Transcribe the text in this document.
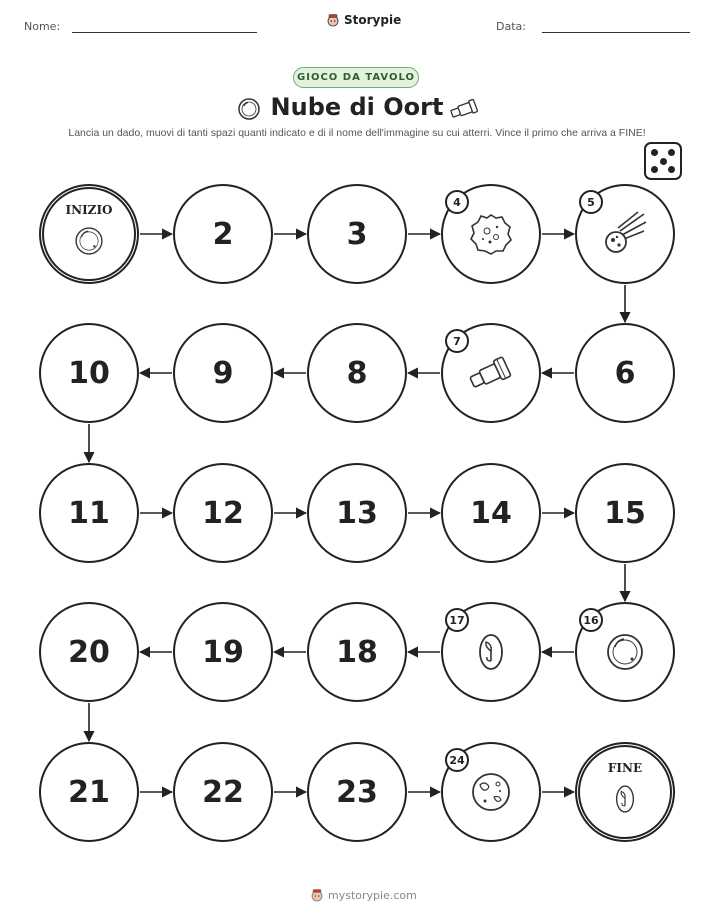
Nome:	Storypie	Data:
GIOCO DA TAVOLO
Nube di Oort
Lancia un dado, muovi di tanti spazi quanti indicato e di il nome dell'immagine su cui atterri. Vince il primo che arriva a FINE!
INIZIO
2	3
4	5
6
7
8
9
10
11	12	13	14	15
16
17
18
19
20
21	22	23
24
FINE
mystorypie.com
